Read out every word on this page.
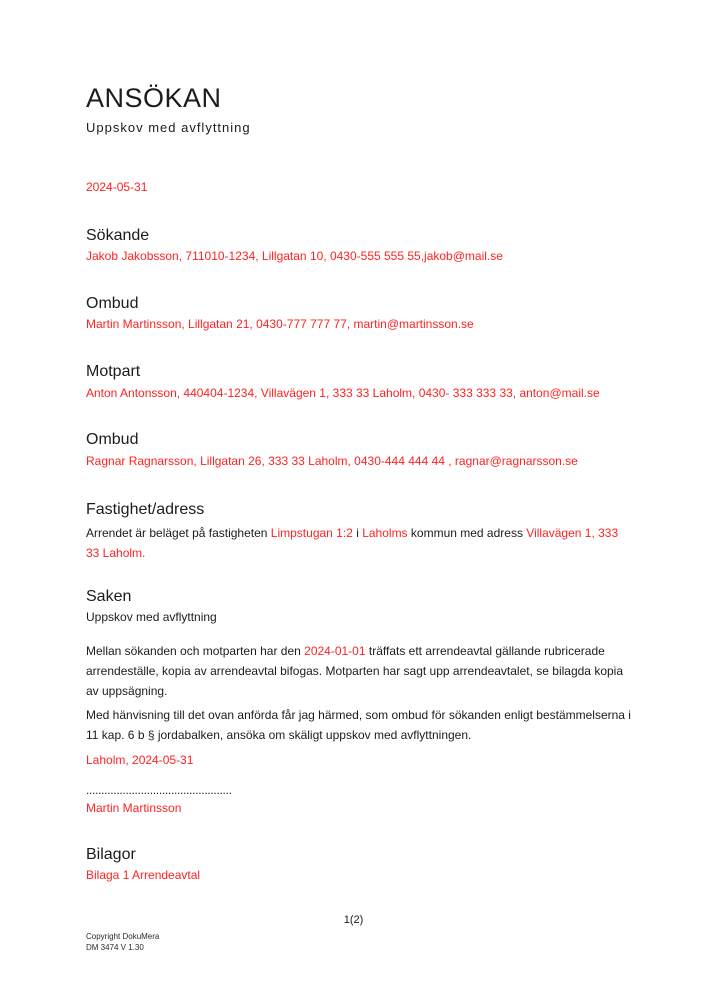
ANSÖKAN
Uppskov med avflyttning
2024-05-31
Sökande
Jakob Jakobsson, 711010-1234, Lillgatan 10, 0430-555 555 55,jakob@mail.se
Ombud
Martin Martinsson, Lillgatan 21, 0430-777 777 77, martin@martinsson.se
Motpart
Anton Antonsson, 440404-1234, Villavägen 1, 333 33 Laholm, 0430- 333 333 33, anton@mail.se
Ombud
Ragnar Ragnarsson, Lillgatan 26, 333 33 Laholm, 0430-444 444 44 , ragnar@ragnarsson.se
Fastighet/adress
Arrendet är beläget på fastigheten Limpstugan 1:2 i Laholms kommun med adress Villavägen 1, 333 33 Laholm.
Saken
Uppskov med avflyttning
Mellan sökanden och motparten har den 2024-01-01 träffats ett arrendeavtal gällande rubricerade arrendeställe, kopia av arrendeavtal bifogas. Motparten har sagt upp arrendeavtalet, se bilagda kopia av uppsägning.
Med hänvisning till det ovan anförda får jag härmed, som ombud för sökanden enligt bestämmelserna i 11 kap. 6 b § jordabalken, ansöka om skäligt uppskov med avflyttningen.
Laholm, 2024-05-31
................................................
Martin Martinsson
Bilagor
Bilaga 1 Arrendeavtal
1(2)
Copyright DokuMera
DM 3474 V 1.30
